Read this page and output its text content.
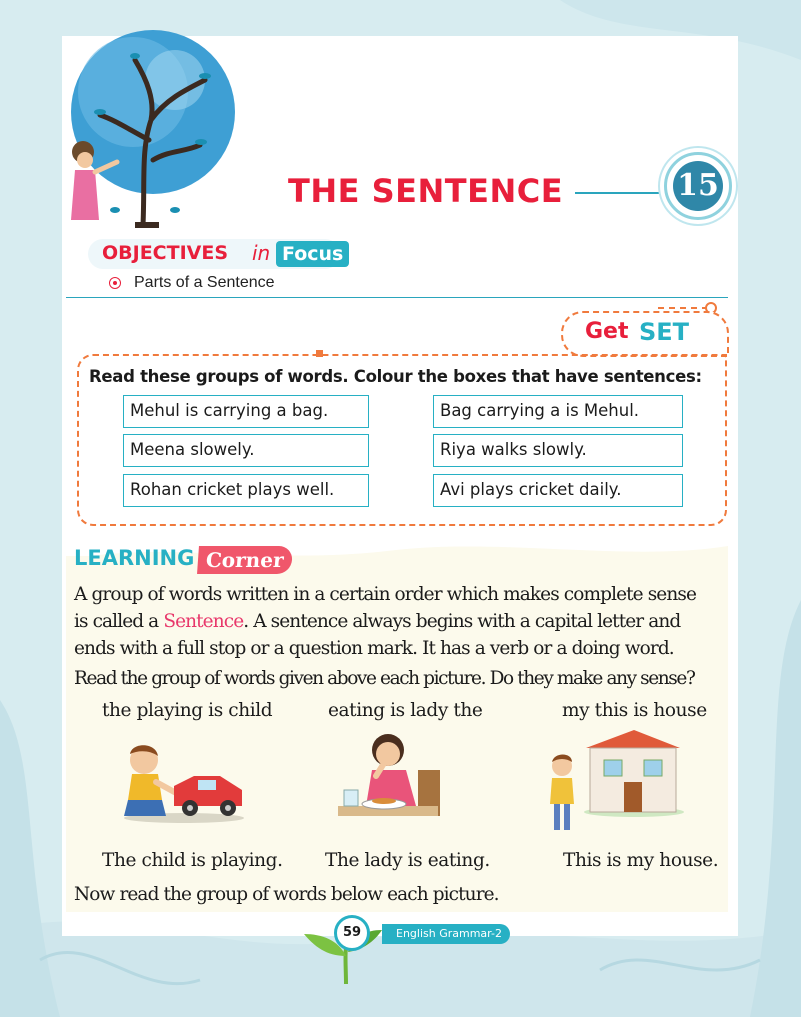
THE SENTENCE	15
OBJECTIVES in Focus
Parts of a Sentence
Get SET
Read these groups of words. Colour the boxes that have sentences:
Mehul is carrying a bag.	Bag carrying a is Mehul.
Meena slowely.	Riya walks slowly.
Rohan cricket plays well.	Avi plays cricket daily.
LEARNING Corner
A group of words written in a certain order which makes complete sense
is called a Sentence. A sentence always begins with a capital letter and
ends with a full stop or a question mark. It has a verb or a doing word.
Read the group of words given above each picture. Do they make any sense?
the playing is child	eating is lady the	my this is house
The child is playing. The lady is eating.	This is my house.
Now read the group of words below each picture.
59	English Grammar-2
